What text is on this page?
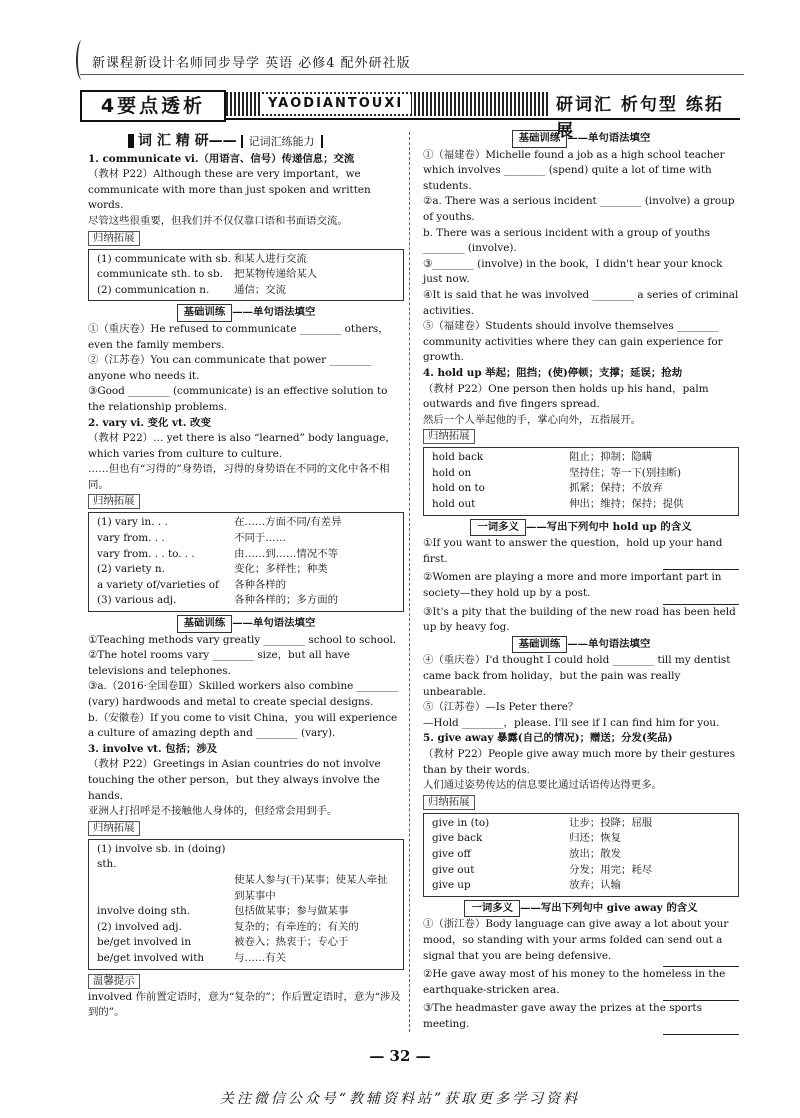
新课程新设计名师同步导学 英语 必修4 配外研社版
4要点透析	YAODIANTOUXI	研词汇 析句型 练拓展
词 汇 精 研—— 记词汇练能力

1. communicate vi.（用语言、信号）传递信息；交流

（教材 P22）Although these are very important，we communicate with more than just spoken and written words.

尽管这些很重要，但我们并不仅仅靠口语和书面语交流。

归纳拓展
(1) communicate with sb.	和某人进行交流
communicate sth. to sb.	把某物传递给某人
(2) communication n.	通信；交流
基础训练 ——单句语法填空

①（重庆卷）He refused to communicate ________ others，even the family members.

②（江苏卷）You can communicate that power ________ anyone who needs it.

③Good ________ (communicate) is an effective solution to the relationship problems.

2. vary vi. 变化 vt. 改变

（教材 P22）… yet there is also “learned” body language，which varies from culture to culture.

……但也有“习得的”身势语，习得的身势语在不同的文化中各不相同。

归纳拓展
(1) vary in. . .	在……方面不同/有差异
vary from. . .	不同于……
vary from. . . to. . .	由……到……情况不等
(2) variety n.	变化；多样性；种类
a variety of/varieties of	各种各样的
(3) various adj.	各种各样的；多方面的
基础训练 ——单句语法填空

①Teaching methods vary greatly ________ school to school.

②The hotel rooms vary ________ size，but all have televisions and telephones.

③a.（2016·全国卷Ⅲ）Skilled workers also combine ________ (vary) hardwoods and metal to create special designs.

b.（安徽卷）If you come to visit China，you will experience a culture of amazing depth and ________ (vary).

3. involve vt. 包括；涉及

（教材 P22）Greetings in Asian countries do not involve touching the other person，but they always involve the hands.

亚洲人打招呼是不接触他人身体的，但经常会用到手。

归纳拓展
(1) involve sb. in (doing) sth.	
	使某人参与(干)某事；使某人牵扯到某事中
involve doing sth.	包括做某事；参与做某事
(2) involved adj.	复杂的；有牵连的；有关的
be/get involved in	被卷入；热衷于；专心于
be/get involved with	与……有关
温馨提示

involved 作前置定语时，意为“复杂的”；作后置定语时，意为“涉及到的”。

基础训练 ——单句语法填空

①（福建卷）Michelle found a job as a high school teacher which involves ________ (spend) quite a lot of time with students.

②a. There was a serious incident ________ (involve) a group of youths.

b. There was a serious incident with a group of youths ________ (involve).

③________ (involve) in the book，I didn't hear your knock just now.

④It is said that he was involved ________ a series of criminal activities.

⑤（福建卷）Students should involve themselves ________ community activities where they can gain experience for growth.

4. hold up 举起；阻挡；(使)停顿；支撑；延误；抢劫

（教材 P22）One person then holds up his hand，palm outwards and five fingers spread.

然后一个人举起他的手，掌心向外，五指展开。

归纳拓展
hold back	阻止；抑制；隐瞒
hold on	坚持住；等一下(别挂断)
hold on to	抓紧；保持；不放弃
hold out	伸出；维持；保持；提供
一词多义 ——写出下列句中 hold up 的含义

①If you want to answer the question，hold up your hand first.

②Women are playing a more and more important part in society—they hold up by a post.

③It's a pity that the building of the new road has been held up by heavy fog.

基础训练 ——单句语法填空

④（重庆卷）I'd thought I could hold ________ till my dentist came back from holiday，but the pain was really unbearable.

⑤（江苏卷）—Is Peter there？

—Hold ________，please. I'll see if I can find him for you.

5. give away 暴露(自己的情况)；赠送；分发(奖品)

（教材 P22）People give away much more by their gestures than by their words.

人们通过姿势传达的信息要比通过话语传达得更多。

归纳拓展
give in (to)	让步；投降；屈服
give back	归还；恢复
give off	放出；散发
give out	分发；用完；耗尽
give up	放弃；认输
一词多义 ——写出下列句中 give away 的含义

①（浙江卷）Body language can give away a lot about your mood，so standing with your arms folded can send out a signal that you are being defensive.

②He gave away most of his money to the homeless in the earthquake-stricken area.

③The headmaster gave away the prizes at the sports meeting.

— 32 —
关注微信公众号“教辅资料站”获取更多学习资料
